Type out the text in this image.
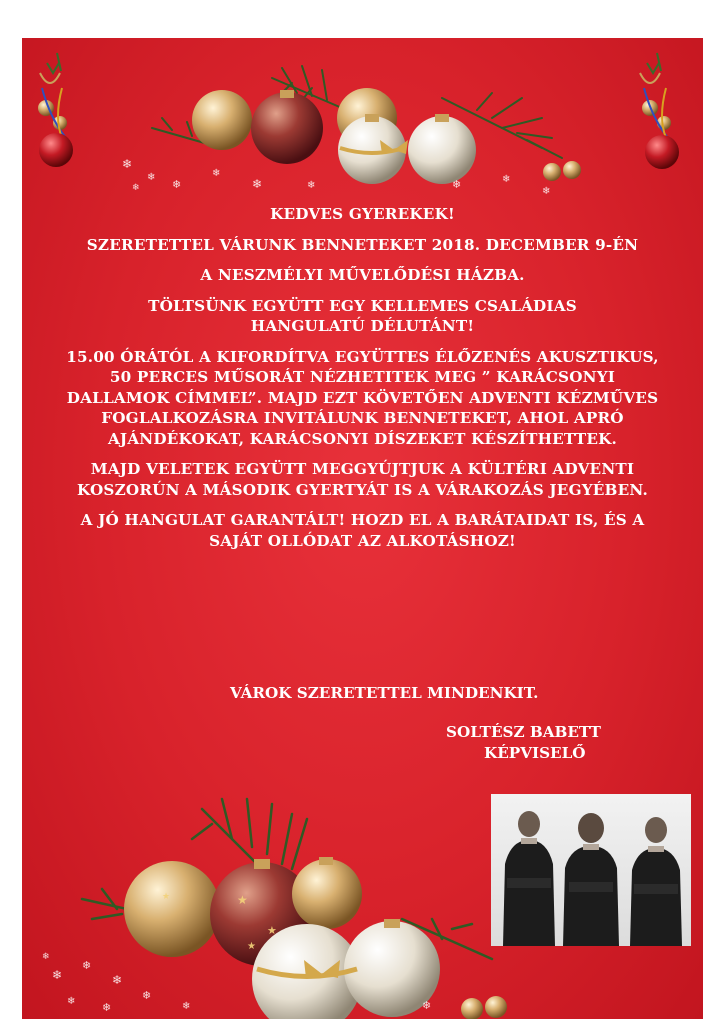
❄
❄
❄
❄
❄	❄	❄	❄
❄
❄

KEDVES GYEREKEK!

SZERETETTEL VÁRUNK BENNETEKET 2018. DECEMBER 9-ÉN

A NESZMÉLYI MŰVELŐDÉSI HÁZBA.

TÖLTSÜNK EGYÜTT EGY KELLEMES CSALÁDIAS HANGULATÚ DÉLUTÁNT!

15.00 ÓRÁTÓL A KIFORDÍTVA EGYÜTTES ÉLŐZENÉS AKUSZTIKUS, 50 PERCES MŰSORÁT NÉZHETITEK MEG ” KARÁCSONYI DALLAMOK CÍMMEL”. MAJD EZT KÖVETŐEN ADVENTI KÉZMŰVES FOGLALKOZÁSRA INVITÁLUNK BENNETEKET, AHOL APRÓ AJÁNDÉKOKAT, KARÁCSONYI DÍSZEKET KÉSZÍTHETTEK.

MAJD VELETEK EGYÜTT MEGGYÚJTJUK A KÜLTÉRI ADVENTI KOSZORÚN A MÁSODIK GYERTYÁT IS A VÁRAKOZÁS JEGYÉBEN.

A JÓ HANGULAT GARANTÁLT! HOZD EL A BARÁTAIDAT IS, ÉS A SAJÁT OLLÓDAT AZ ALKOTÁSHOZ!

VÁROK SZERETETTEL MINDENKIT.
SOLTÉSZ BABETT
KÉPVISELŐ
★
★
★
★
❄
❄
❄
❄
❄ ❄	❄	❄
❄
